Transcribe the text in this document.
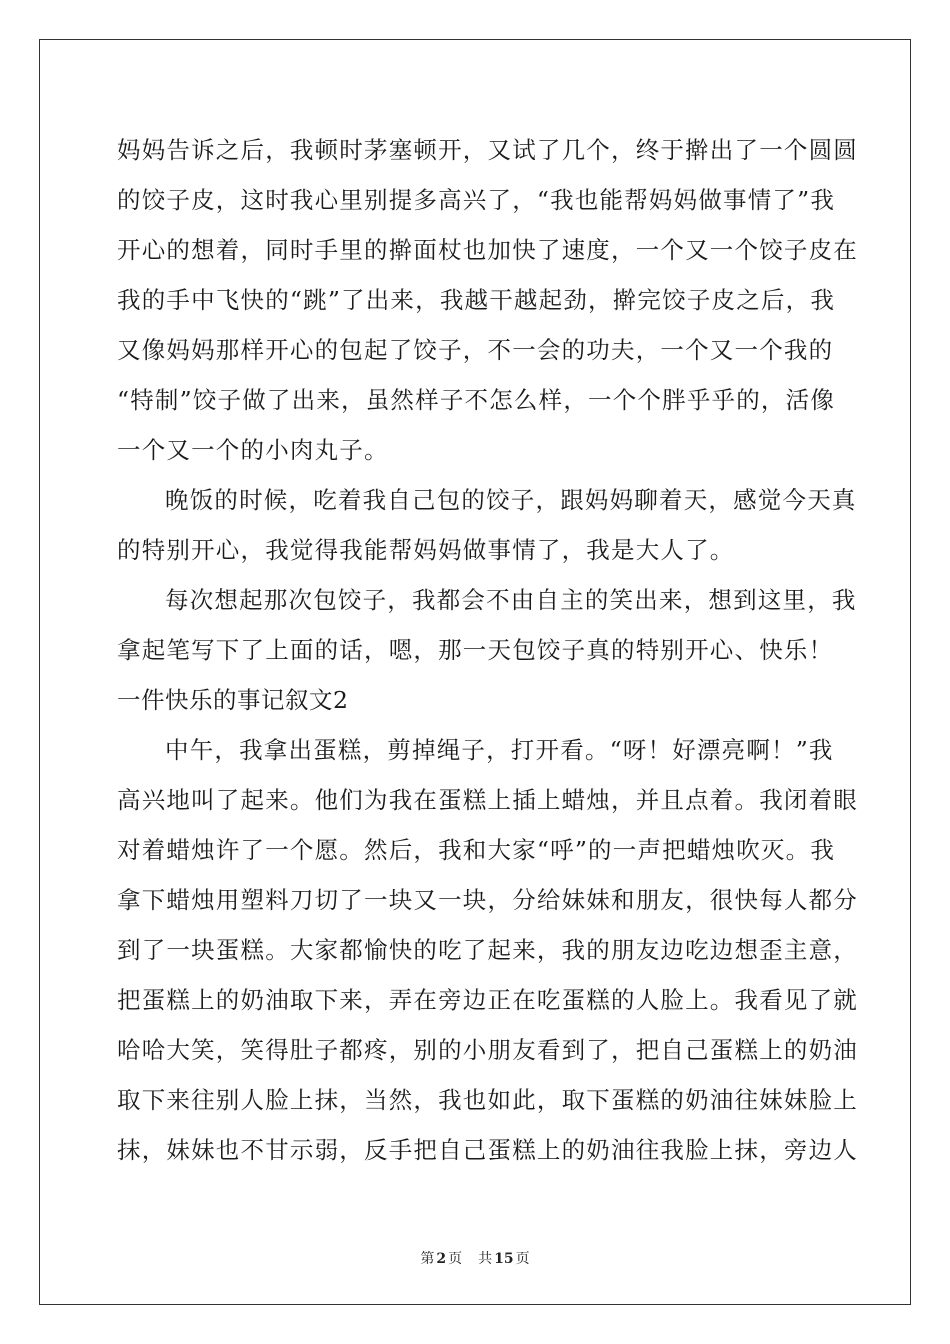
妈妈告诉之后，我顿时茅塞顿开，又试了几个，终于擀出了一个圆圆
的饺子皮，这时我心里别提多高兴了，“我也能帮妈妈做事情了”我
开心的想着，同时手里的擀面杖也加快了速度，一个又一个饺子皮在
我的手中飞快的“跳”了出来，我越干越起劲，擀完饺子皮之后，我
又像妈妈那样开心的包起了饺子，不一会的功夫，一个又一个我的
“特制”饺子做了出来，虽然样子不怎么样，一个个胖乎乎的，活像
一个又一个的小肉丸子。
晚饭的时候，吃着我自己包的饺子，跟妈妈聊着天，感觉今天真
的特别开心，我觉得我能帮妈妈做事情了，我是大人了。
每次想起那次包饺子，我都会不由自主的笑出来，想到这里，我
拿起笔写下了上面的话，嗯，那一天包饺子真的特别开心、快乐！
一件快乐的事记叙文2
中午，我拿出蛋糕，剪掉绳子，打开看。“呀！好漂亮啊！”我
高兴地叫了起来。他们为我在蛋糕上插上蜡烛，并且点着。我闭着眼
对着蜡烛许了一个愿。然后，我和大家“呼”的一声把蜡烛吹灭。我
拿下蜡烛用塑料刀切了一块又一块，分给妹妹和朋友，很快每人都分
到了一块蛋糕。大家都愉快的吃了起来，我的朋友边吃边想歪主意，
把蛋糕上的奶油取下来，弄在旁边正在吃蛋糕的人脸上。我看见了就
哈哈大笑，笑得肚子都疼，别的小朋友看到了，把自己蛋糕上的奶油
取下来往别人脸上抹，当然，我也如此，取下蛋糕的奶油往妹妹脸上
抹，妹妹也不甘示弱，反手把自己蛋糕上的奶油往我脸上抹，旁边人
第 2 页 共 15 页
